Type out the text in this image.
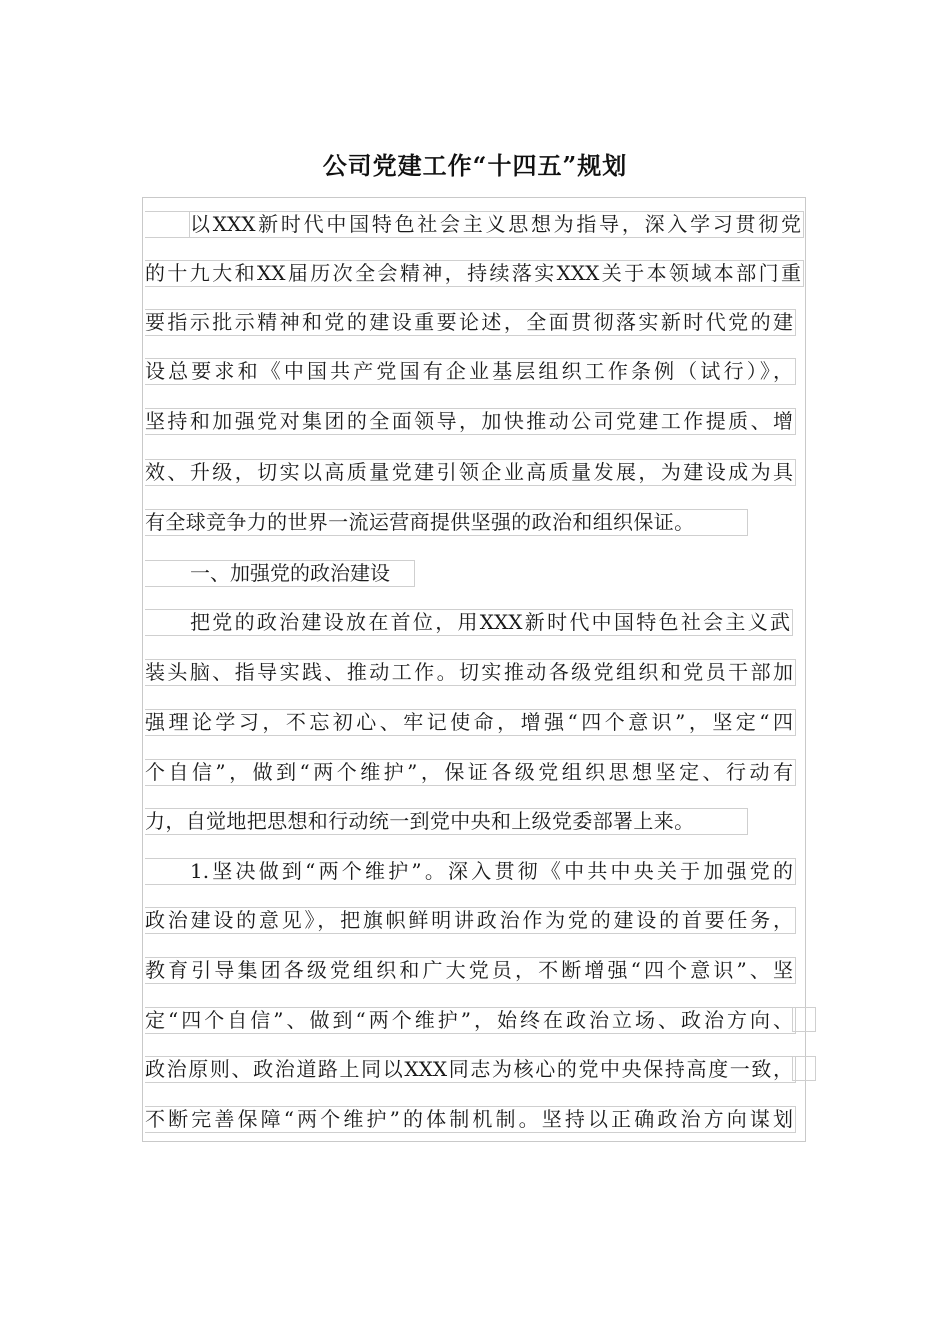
公司党建工作“十四五”规划
以XXX新时代中国特色社会主义思想为指导，深入学习贯彻党
的十九大和XX届历次全会精神，持续落实XXX关于本领域本部门重
要指示批示精神和党的建设重要论述，全面贯彻落实新时代党的建
设总要求和《中国共产党国有企业基层组织工作条例（试行）》，
坚持和加强党对集团的全面领导，加快推动公司党建工作提质、增
效、升级，切实以高质量党建引领企业高质量发展，为建设成为具
有全球竞争力的世界一流运营商提供坚强的政治和组织保证。
一、加强党的政治建设
把党的政治建设放在首位，用XXX新时代中国特色社会主义武
装头脑、指导实践、推动工作。切实推动各级党组织和党员干部加
强理论学习，不忘初心、牢记使命，增强“四个意识”，坚定“四
个自信”，做到“两个维护”，保证各级党组织思想坚定、行动有
力，自觉地把思想和行动统一到党中央和上级党委部署上来。
1.坚决做到“两个维护”。深入贯彻《中共中央关于加强党的
政治建设的意见》，把旗帜鲜明讲政治作为党的建设的首要任务，
教育引导集团各级党组织和广大党员，不断增强“四个意识”、坚
定“四个自信”、做到“两个维护”，始终在政治立场、政治方向、
政治原则、政治道路上同以XXX同志为核心的党中央保持高度一致，
不断完善保障“两个维护”的体制机制。坚持以正确政治方向谋划
